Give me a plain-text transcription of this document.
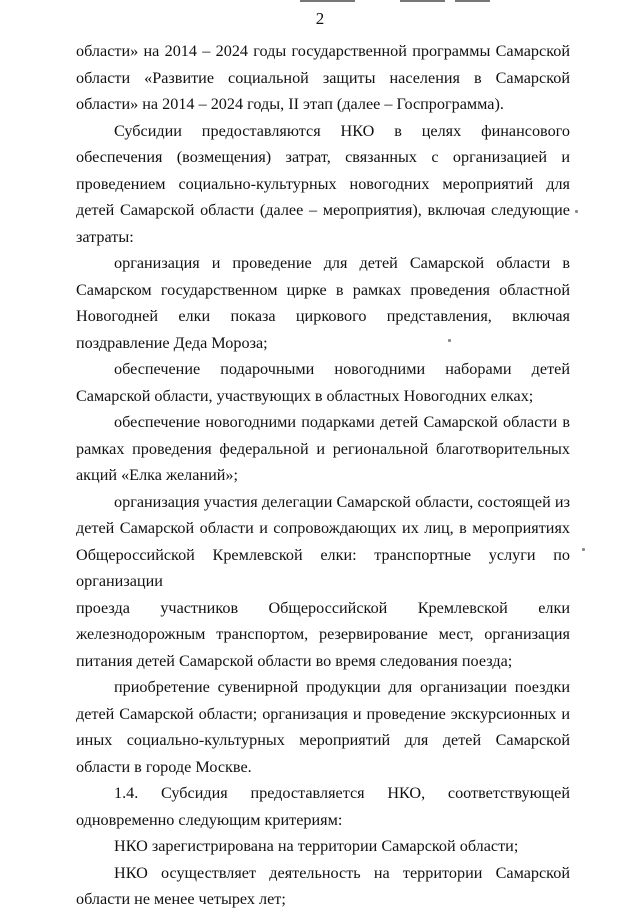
2

области» на 2014 – 2024 годы государственной программы Самарской области «Развитие социальной защиты населения в Самарской области» на 2014 – 2024 годы, II этап (далее – Госпрограмма).

Субсидии предоставляются НКО в целях финансового обеспечения (возмещения) затрат, связанных с организацией и проведением социально-культурных новогодних мероприятий для детей Самарской области (далее – мероприятия), включая следующие затраты:

организация и проведение для детей Самарской области в Самарском государственном цирке в рамках проведения областной Новогодней елки показа циркового представления, включая поздравление Деда Мороза;

обеспечение подарочными новогодними наборами детей Самарской области, участвующих в областных Новогодних елках;

обеспечение новогодними подарками детей Самарской области в рамках проведения федеральной и региональной благотворительных акций «Елка желаний»;

организация участия делегации Самарской области, состоящей из детей Самарской области и сопровождающих их лиц, в мероприятиях Общероссийской Кремлевской елки: транспортные услуги по организации

проезда участников Общероссийской Кремлевской елки

железнодорожным транспортом, резервирование мест, организация питания детей Самарской области во время следования поезда;

приобретение сувенирной продукции для организации поездки детей Самарской области; организация и проведение экскурсионных и иных социально-культурных мероприятий для детей Самарской области в городе Москве.

1.4. Субсидия предоставляется НКО, соответствующей

одновременно следующим критериям:

НКО зарегистрирована на территории Самарской области;

НКО осуществляет деятельность на территории Самарской области не менее четырех лет;
